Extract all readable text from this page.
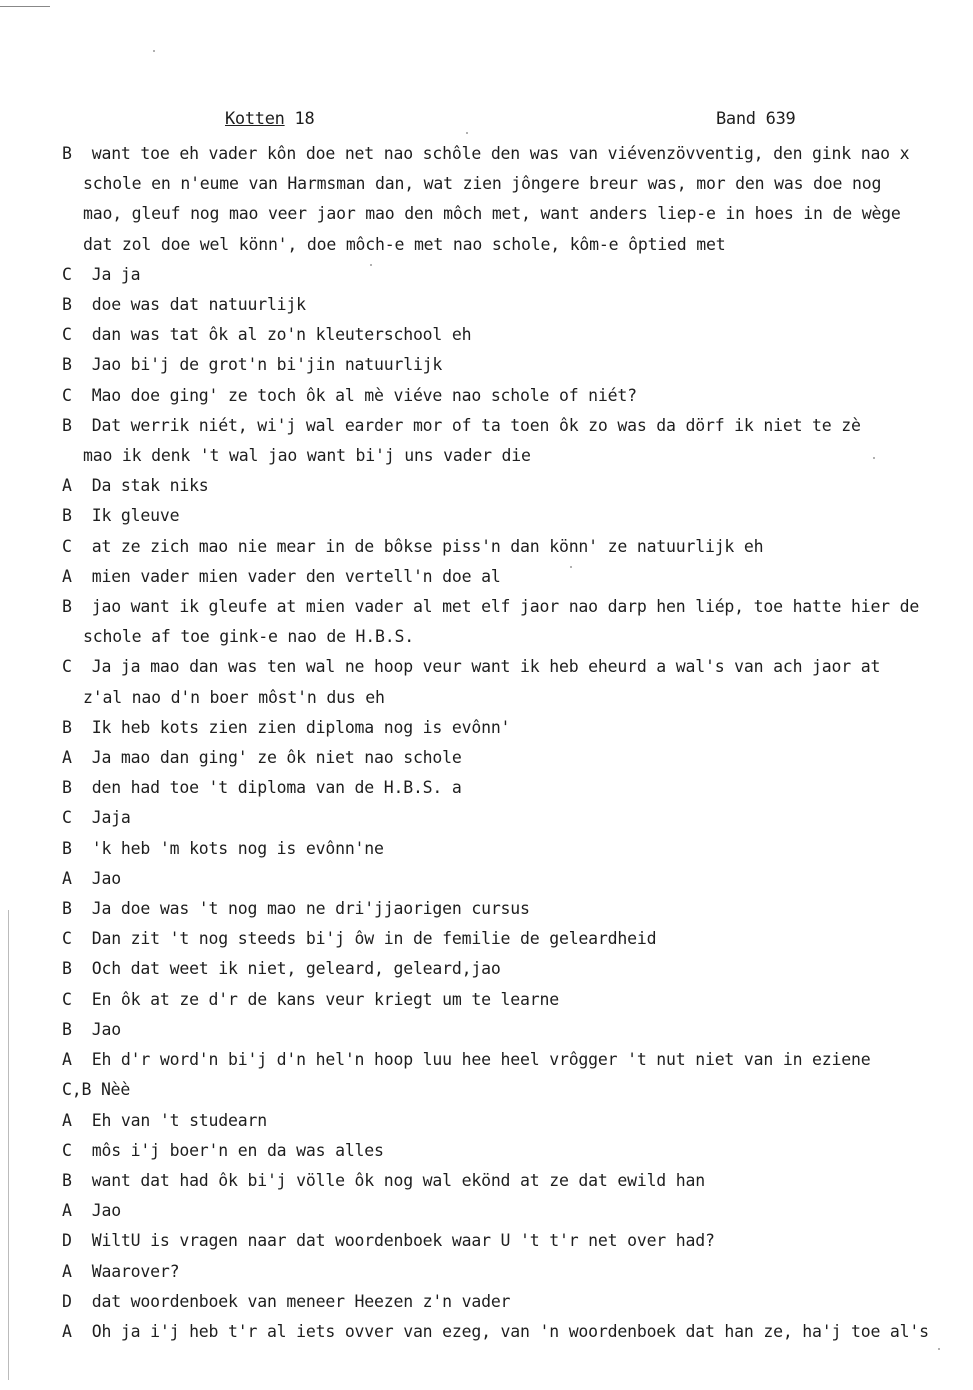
Kotten 18	Band 639
B want toe eh vader kôn doe net nao schôle den was van viévenzövventig, den gink nao x
schole en n'eume van Harmsman dan, wat zien jôngere breur was, mor den was doe nog
mao, gleuf nog mao veer jaor mao den môch met, want anders liep-e in hoes in de wège
dat zol doe wel könn', doe môch-e met nao schole, kôm-e ôptied met
C Ja ja
B doe was dat natuurlijk
C dan was tat ôk al zo'n kleuterschool eh
B Jao bi'j de grot'n bi'jin natuurlijk
C Mao doe ging' ze toch ôk al mè viéve nao schole of niét?
B Dat werrik niét, wi'j wal earder mor of ta toen ôk zo was da dörf ik niet te zè
mao ik denk 't wal jao want bi'j uns vader die
A Da stak niks
B Ik gleuve
C at ze zich mao nie mear in de bôkse piss'n dan könn' ze natuurlijk eh
A mien vader mien vader den vertell'n doe al
B jao want ik gleufe at mien vader al met elf jaor nao darp hen liép, toe hatte hier de
schole af toe gink-e nao de H.B.S.
C Ja ja mao dan was ten wal ne hoop veur want ik heb eheurd a wal's van ach jaor at
z'al nao d'n boer môst'n dus eh
B Ik heb kots zien zien diploma nog is evônn'
A Ja mao dan ging' ze ôk niet nao schole
B den had toe 't diploma van de H.B.S. a
C Jaja
B 'k heb 'm kots nog is evônn'ne
A Jao
B Ja doe was 't nog mao ne dri'jjaorigen cursus
C Dan zit 't nog steeds bi'j ôw in de femilie de geleardheid
B Och dat weet ik niet, geleard, geleard,jao
C En ôk at ze d'r de kans veur kriegt um te learne
B Jao
A Eh d'r word'n bi'j d'n hel'n hoop luu hee heel vrôgger 't nut niet van in eziene
C,B Nèè
A Eh van 't studearn
C môs i'j boer'n en da was alles
B want dat had ôk bi'j völle ôk nog wal ekönd at ze dat ewild han
A Jao
D WiltU is vragen naar dat woordenboek waar U 't t'r net over had?
A Waarover?
D dat woordenboek van meneer Heezen z'n vader
A Oh ja i'j heb t'r al iets ovver van ezeg, van 'n woordenboek dat han ze, ha'j toe al's
